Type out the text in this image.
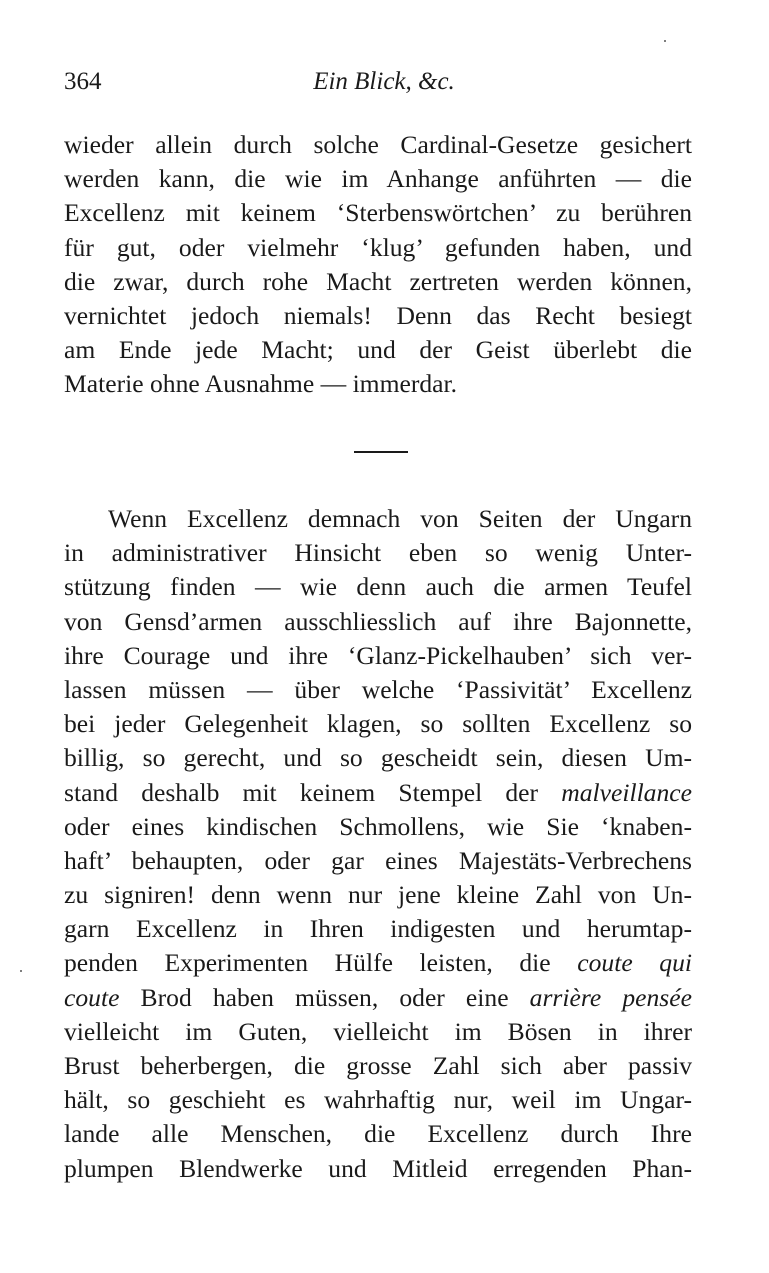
364	Ein Blick, &c.
wieder allein durch solche Cardinal-Gesetze gesichert
werden kann, die wie im Anhange anführten — die
Excellenz mit keinem ‘Sterbenswörtchen’ zu berühren
für gut, oder vielmehr ‘klug’ gefunden haben, und
die zwar, durch rohe Macht zertreten werden können,
vernichtet jedoch niemals! Denn das Recht besiegt
am Ende jede Macht; und der Geist überlebt die
Materie ohne Ausnahme — immerdar.
Wenn Excellenz demnach von Seiten der Ungarn
in administrativer Hinsicht eben so wenig Unter-
stützung finden — wie denn auch die armen Teufel
von Gensd’armen ausschliesslich auf ihre Bajonnette,
ihre Courage und ihre ‘Glanz-Pickelhauben’ sich ver-
lassen müssen — über welche ‘Passivität’ Excellenz
bei jeder Gelegenheit klagen, so sollten Excellenz so
billig, so gerecht, und so gescheidt sein, diesen Um-
stand deshalb mit keinem Stempel der malveillance
oder eines kindischen Schmollens, wie Sie ‘knaben-
haft’ behaupten, oder gar eines Majestäts-Verbrechens
zu signiren! denn wenn nur jene kleine Zahl von Un-
garn Excellenz in Ihren indigesten und herumtap-
penden Experimenten Hülfe leisten, die coute qui
coute Brod haben müssen, oder eine arrière pensée
vielleicht im Guten, vielleicht im Bösen in ihrer
Brust beherbergen, die grosse Zahl sich aber passiv
hält, so geschieht es wahrhaftig nur, weil im Ungar-
lande alle Menschen, die Excellenz durch Ihre
plumpen Blendwerke und Mitleid erregenden Phan-
